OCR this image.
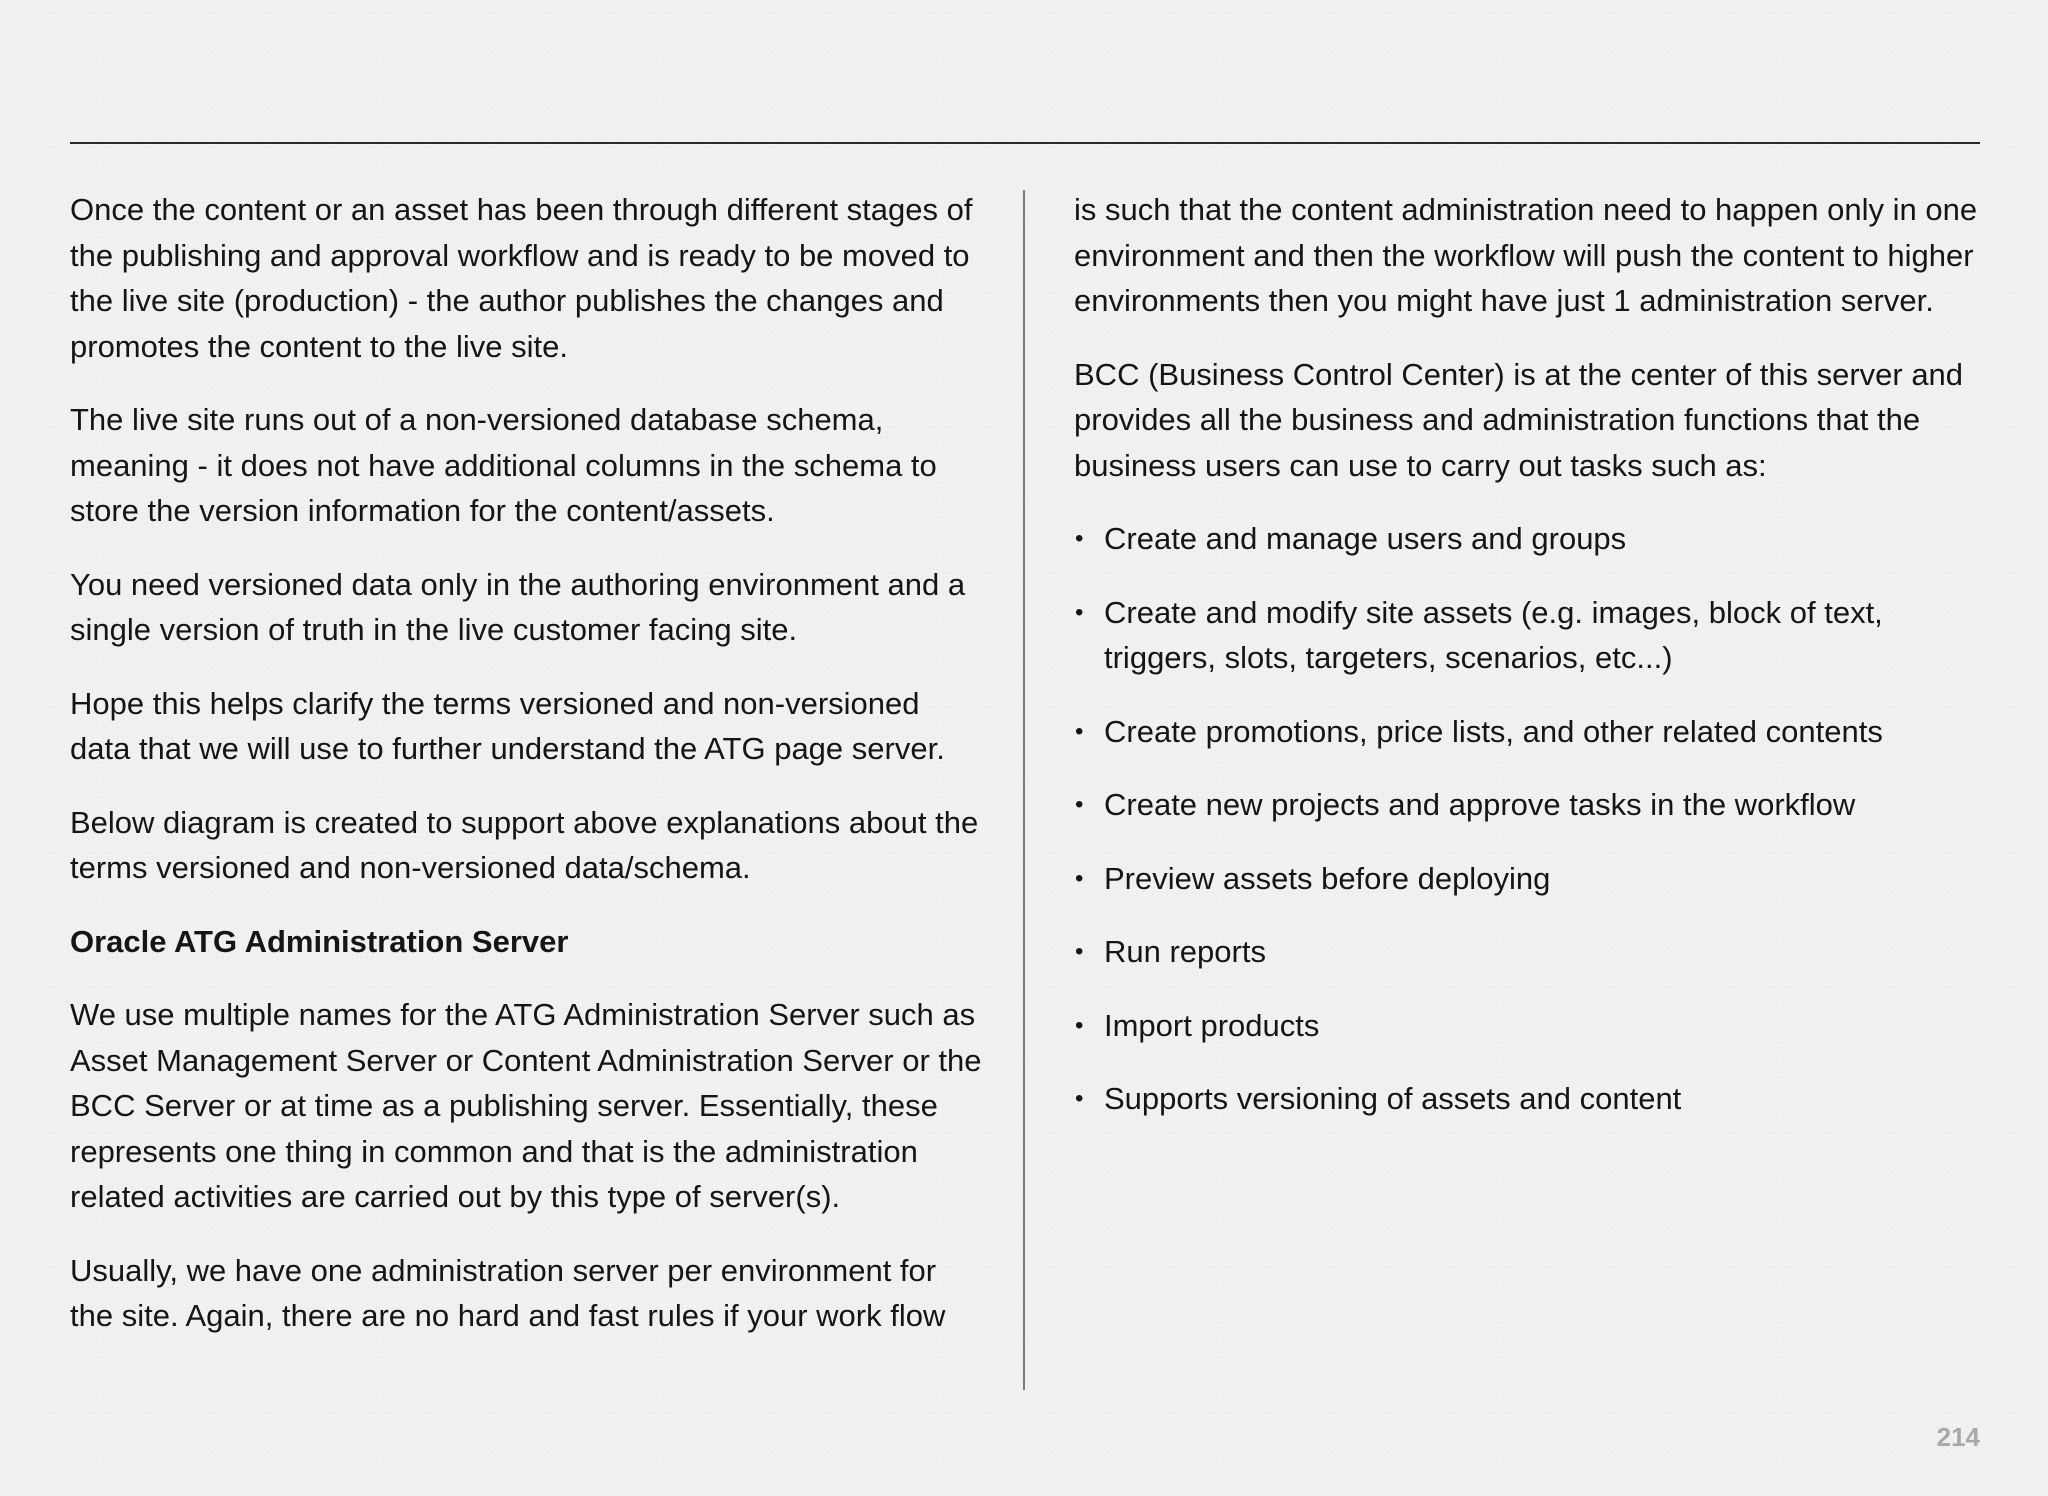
Once the content or an asset has been through different stages of the publishing and approval workflow and is ready to be moved to the live site (production) - the author publishes the changes and promotes the content to the live site.

The live site runs out of a non-versioned database schema, meaning - it does not have additional columns in the schema to store the version information for the content/assets.

You need versioned data only in the authoring environment and a single version of truth in the live customer facing site.

Hope this helps clarify the terms versioned and non-versioned data that we will use to further understand the ATG page server.

Below diagram is created to support above explanations about the terms versioned and non-versioned data/schema.

Oracle ATG Administration Server

We use multiple names for the ATG Administration Server such as Asset Management Server or Content Administration Server or the BCC Server or at time as a publishing server. Essentially, these represents one thing in common and that is the administration related activities are carried out by this type of server(s).

Usually, we have one administration server per environment for the site. Again, there are no hard and fast rules if your work flow

is such that the content administration need to happen only in one environment and then the workflow will push the content to higher environments then you might have just 1 administration server.

BCC (Business Control Center) is at the center of this server and provides all the business and administration functions that the business users can use to carry out tasks such as:

• Create and manage users and groups
• Create and modify site assets (e.g. images, block of text, triggers, slots, targeters, scenarios, etc...)
• Create promotions, price lists, and other related contents
• Create new projects and approve tasks in the workflow
• Preview assets before deploying
• Run reports
• Import products
• Supports versioning of assets and content
214
